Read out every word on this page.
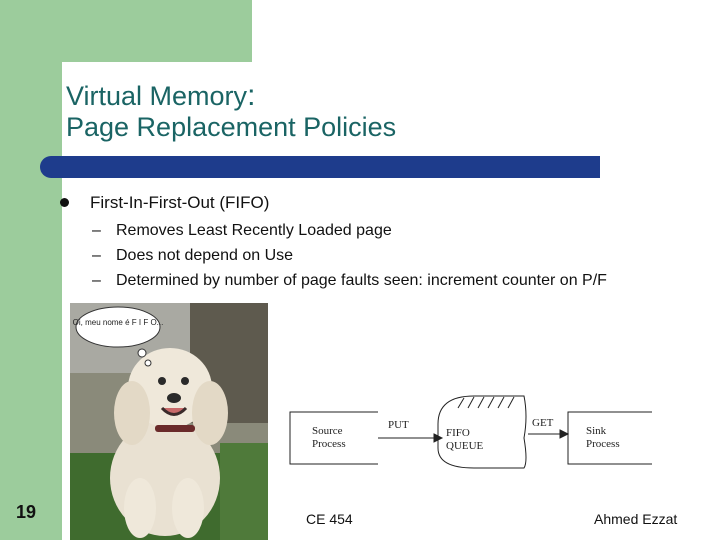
Virtual Memory:
Page Replacement Policies
First-In-First-Out (FIFO)
– Removes Least Recently Loaded page
– Does not depend on Use
– Determined by number of page faults seen: increment counter on P/F
Oi, meu nome é F I F O...
Source
Process
PUT
FIFO
QUEUE
GET
Sink
Process
19	CE 454	Ahmed Ezzat
